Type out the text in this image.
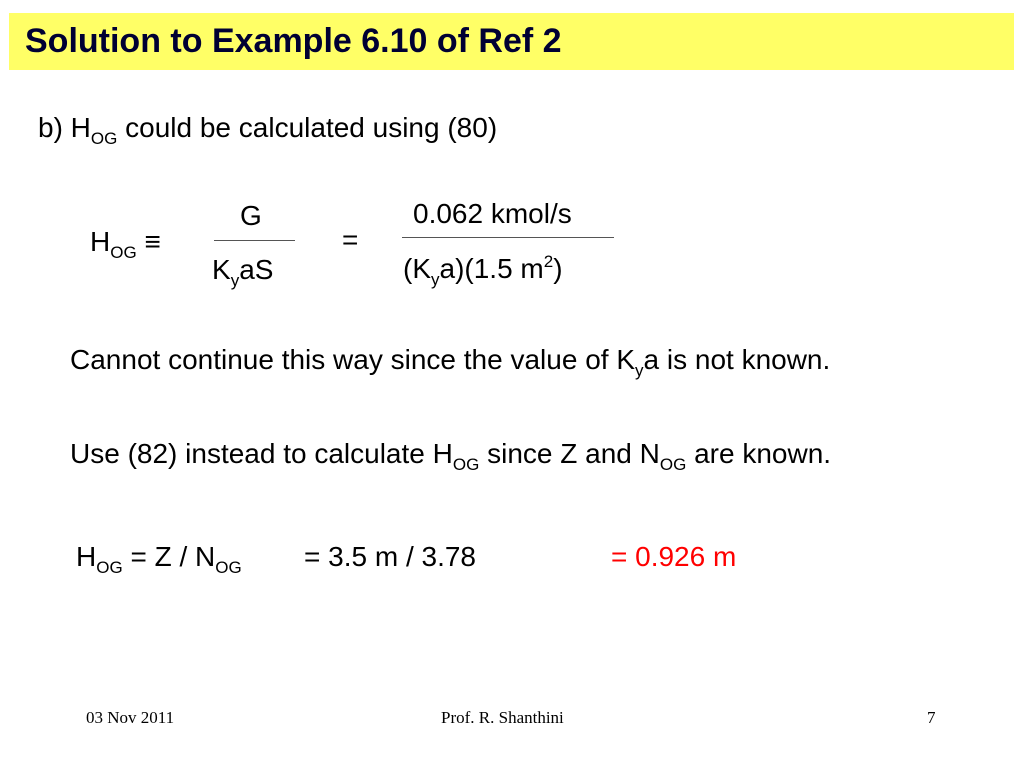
Solution to Example 6.10 of Ref 2
b) $H_{OG}$ could be calculated using (80)
$H_{OG}$ ≡
G
$K_yaS$
=
0.062 kmol/s
$(K_ya)(1.5$ $m^2$)
Cannot continue this way since the value of $K_ya$ is not known.
Use (82) instead to calculate $H_{OG}$ since Z and $N_{OG}$ are known.
$H_{OG} = Z / N_{OG} = 3.5$ m / 3.78	= 0.926 m
03 Nov 2011	Prof. R. Shanthini	7
